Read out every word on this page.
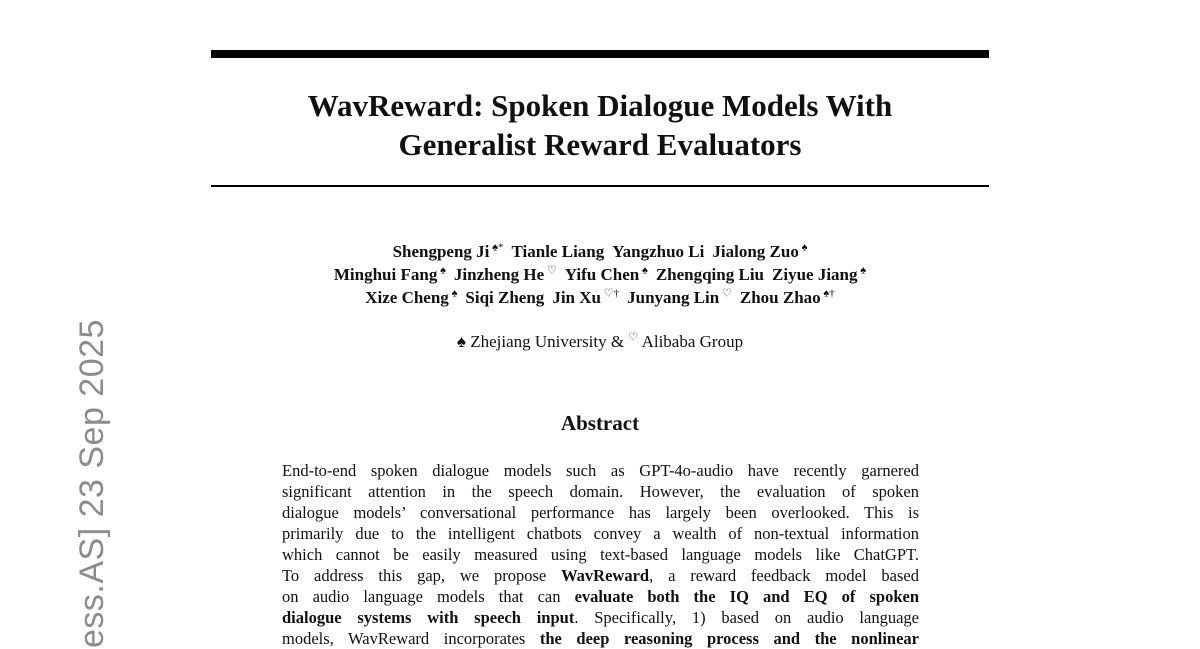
WavReward: Spoken Dialogue Models With
Generalist Reward Evaluators
Shengpeng Ji ♠* Tianle Liang Yangzhuo Li Jialong Zuo ♠
Minghui Fang ♠ Jinzheng He ♡ Yifu Chen ♠ Zhengqing Liu Ziyue Jiang ♠
Xize Cheng ♠ Siqi Zheng Jin Xu ♡† Junyang Lin ♡ Zhou Zhao ♠†
♠ Zhejiang University & ♡ Alibaba Group
Abstract
End-to-end spoken dialogue models such as GPT-4o-audio have recently garnered
significant attention in the speech domain. However, the evaluation of spoken
dialogue models’ conversational performance has largely been overlooked. This is
primarily due to the intelligent chatbots convey a wealth of non-textual information
which cannot be easily measured using text-based language models like ChatGPT.
To address this gap, we propose WavReward, a reward feedback model based
on audio language models that can evaluate both the IQ and EQ of spoken
dialogue systems with speech input. Specifically, 1) based on audio language
models, WavReward incorporates the deep reasoning process and the nonlinear
ess.AS] 23 Sep 2025
